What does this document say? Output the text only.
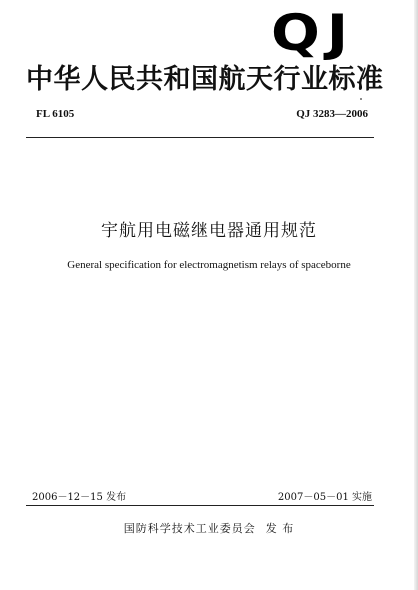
QJ
中华人民共和国航天行业标准
FL 6105	QJ 3283—2006
宇航用电磁继电器通用规范
General specification for electromagnetism relays of spaceborne
2006－12－15 发布	2007－05－01 实施
国防科学技术工业委员会 发 布
